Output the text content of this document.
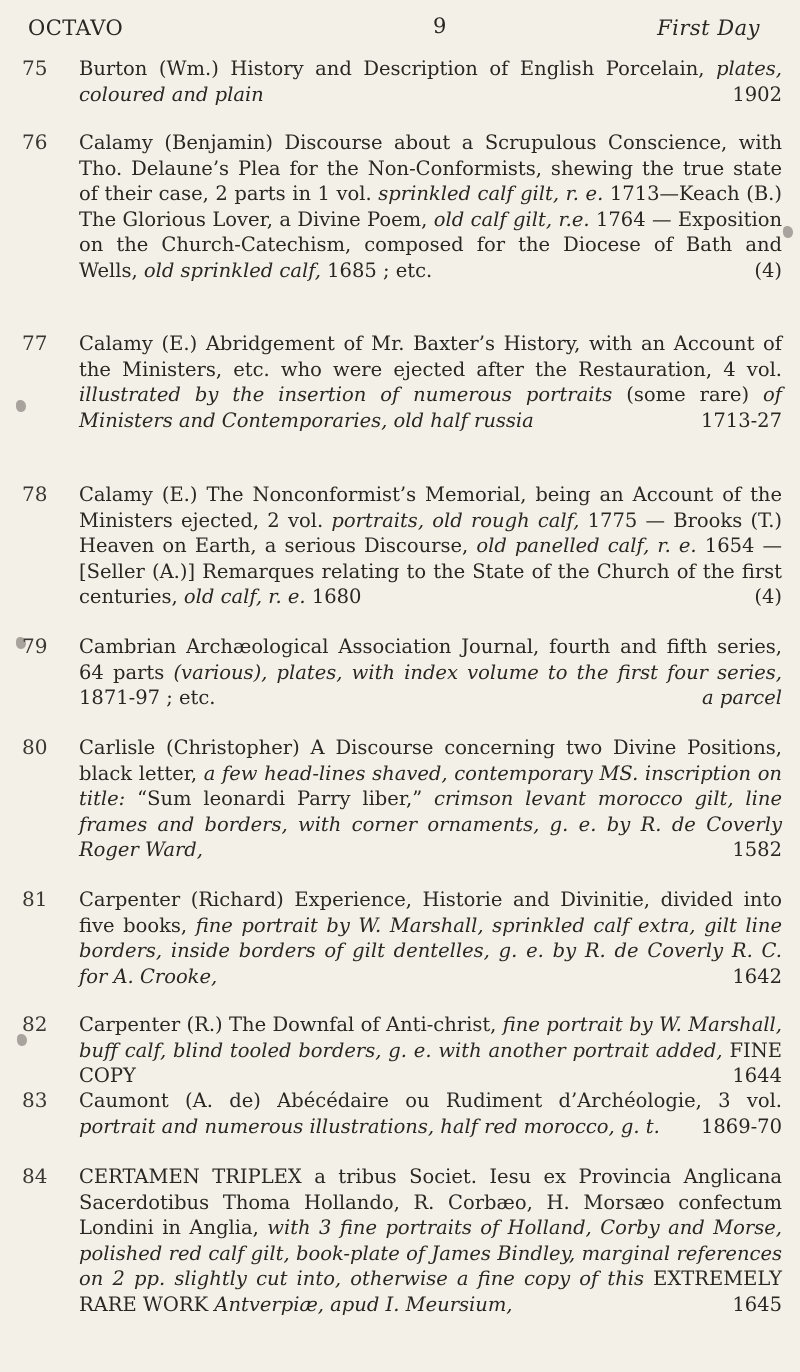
OCTAVO	9	First Day
75	Burton (Wm.) History and Description of English Porcelain, plates, coloured and plain	1902
76	Calamy (Benjamin) Discourse about a Scrupulous Conscience, with Tho. Delaune’s Plea for the Non-Conformists, shewing the true state of their case, 2 parts in 1 vol. sprinkled calf gilt, r. e. 1713—Keach (B.) The Glorious Lover, a Divine Poem, old calf gilt, r.e. 1764 — Exposition on the Church-Catechism, composed for the Diocese of Bath and Wells, old sprinkled calf, 1685 ; etc.	(4)
77	Calamy (E.) Abridgement of Mr. Baxter’s History, with an Account of the Ministers, etc. who were ejected after the Restauration, 4 vol. illustrated by the insertion of numerous portraits (some rare) of Ministers and Contemporaries, old half russia	1713-27
78	Calamy (E.) The Nonconformist’s Memorial, being an Account of the Ministers ejected, 2 vol. portraits, old rough calf, 1775 — Brooks (T.) Heaven on Earth, a serious Discourse, old panelled calf, r. e. 1654 — [Seller (A.)] Remarques relating to the State of the Church of the first centuries, old calf, r. e. 1680	(4)
79	Cambrian Archæological Association Journal, fourth and fifth series, 64 parts (various), plates, with index volume to the first four series, 1871-97 ; etc.	a parcel
80	Carlisle (Christopher) A Discourse concerning two Divine Positions, black letter, a few head-lines shaved, contemporary MS. inscription on title: “Sum leonardi Parry liber,” crimson levant morocco gilt, line frames and borders, with corner ornaments, g. e. by R. de Coverly Roger Ward,	1582
81	Carpenter (Richard) Experience, Historie and Divinitie, divided into five books, fine portrait by W. Marshall, sprinkled calf extra, gilt line borders, inside borders of gilt dentelles, g. e. by R. de Coverly R. C. for A. Crooke,	1642
82	Carpenter (R.) The Downfal of Anti-christ, fine portrait by W. Marshall, buff calf, blind tooled borders, g. e. with another portrait added, FINE COPY	1644
83	Caumont (A. de) Abécédaire ou Rudiment d’Archéologie, 3 vol. portrait and numerous illustrations, half red morocco, g. t. 1869-70
84	CERTAMEN TRIPLEX a tribus Societ. Iesu ex Provincia Anglicana Sacerdotibus Thoma Hollando, R. Corbæo, H. Morsæo confectum Londini in Anglia, with 3 fine portraits of Holland, Corby and Morse, polished red calf gilt, book-plate of James Bindley, marginal references on 2 pp. slightly cut into, otherwise a fine copy of this EXTREMELY RARE WORK Antverpiæ, apud I. Meursium,	1645
